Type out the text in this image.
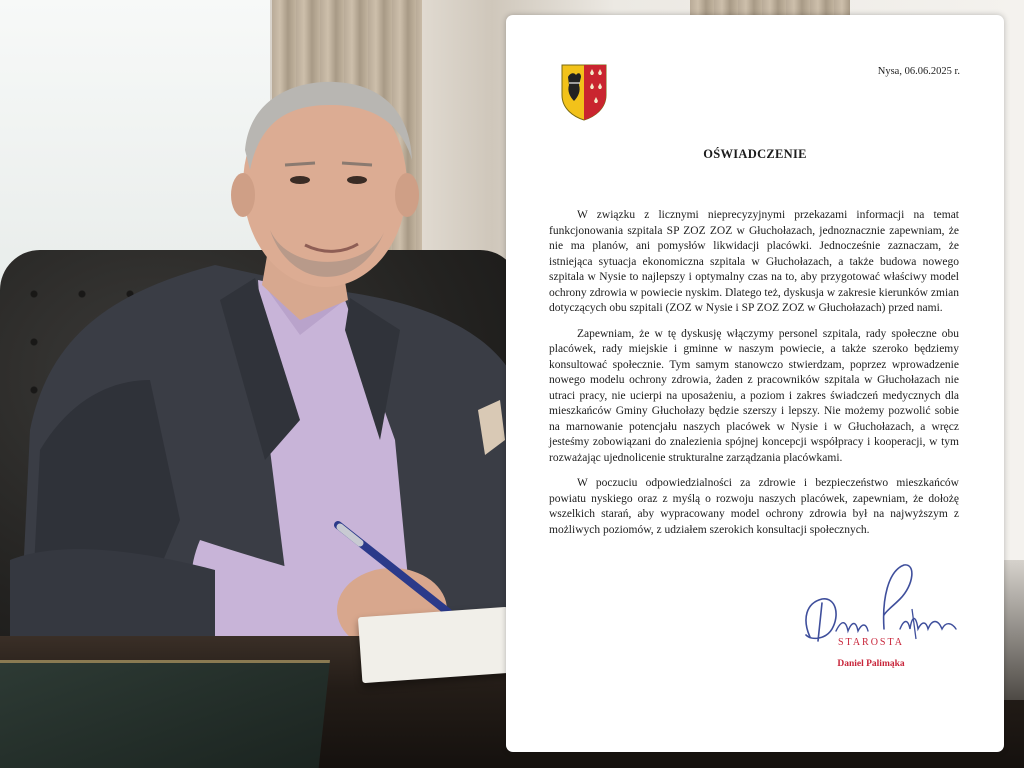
Nysa, 06.06.2025 r.
OŚWIADCZENIE

W związku z licznymi nieprecyzyjnymi przekazami informacji na temat funkcjonowania szpitala SP ZOZ ZOZ w Głuchołazach, jednoznacznie zapewniam, że nie ma planów, ani pomysłów likwidacji placówki. Jednocześnie zaznaczam, że istniejąca sytuacja ekonomiczna szpitala w Głuchołazach, a także budowa nowego szpitala w Nysie to najlepszy i optymalny czas na to, aby przygotować właściwy model ochrony zdrowia w powiecie nyskim. Dlatego też, dyskusja w zakresie kierunków zmian dotyczących obu szpitali (ZOZ w Nysie i SP ZOZ ZOZ w Głuchołazach) przed nami.

Zapewniam, że w tę dyskusję włączymy personel szpitala, rady społeczne obu placówek, rady miejskie i gminne w naszym powiecie, a także szeroko będziemy konsultować społecznie. Tym samym stanowczo stwierdzam, poprzez wprowadzenie nowego modelu ochrony zdrowia, żaden z pracowników szpitala w Głuchołazach nie utraci pracy, nie ucierpi na uposażeniu, a poziom i zakres świadczeń medycznych dla mieszkańców Gminy Głuchołazy będzie szerszy i lepszy. Nie możemy pozwolić sobie na marnowanie potencjału naszych placówek w Nysie i w Głuchołazach, a wręcz jesteśmy zobowiązani do znalezienia spójnej koncepcji współpracy i kooperacji, w tym rozważając ujednolicenie strukturalne zarządzania placówkami.

W poczuciu odpowiedzialności za zdrowie i bezpieczeństwo mieszkańców powiatu nyskiego oraz z myślą o rozwoju naszych placówek, zapewniam, że dołożę wszelkich starań, aby wypracowany model ochrony zdrowia był na najwyższym z możliwych poziomów, z udziałem szerokich konsultacji społecznych.

STAROSTA
Daniel Palimąka
